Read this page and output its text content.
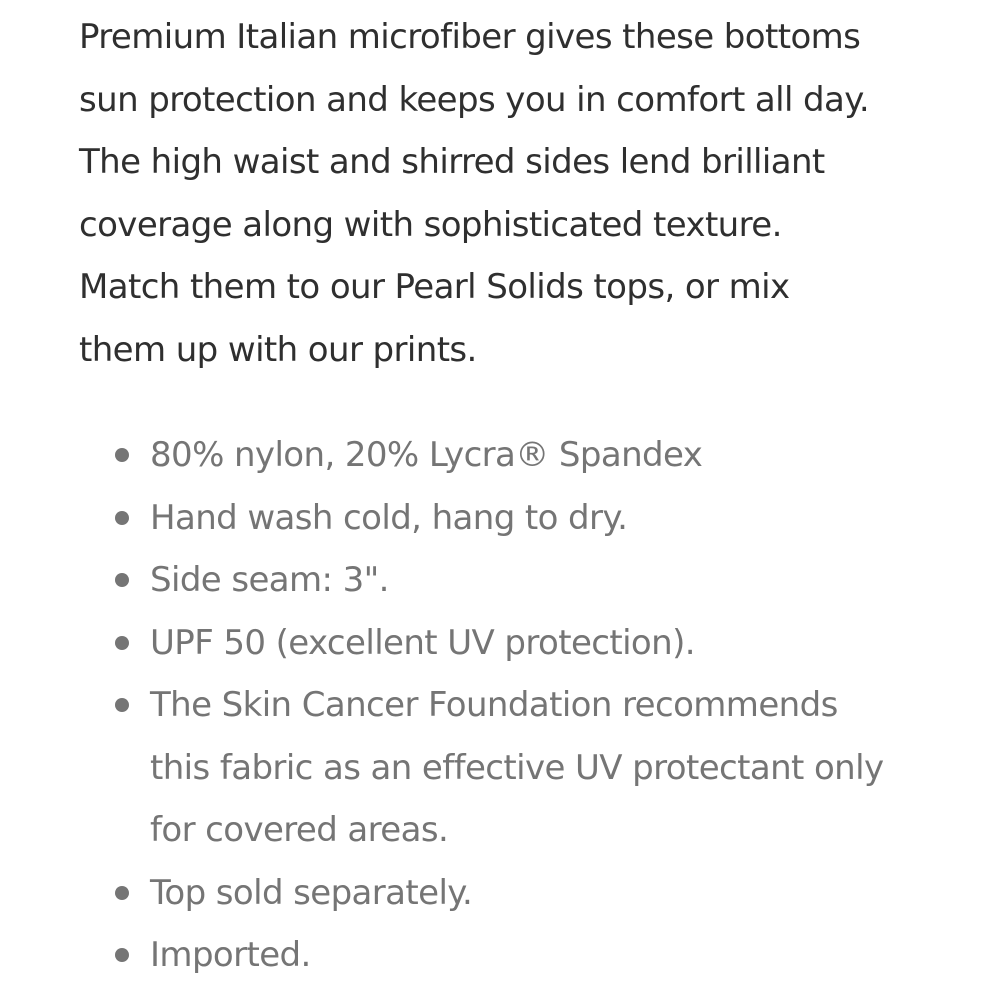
Premium Italian microfiber gives these bottoms
sun protection and keeps you in comfort all day.
The high waist and shirred sides lend brilliant
coverage along with sophisticated texture.
Match them to our Pearl Solids tops, or mix
them up with our prints.

80% nylon, 20% Lycra® Spandex
Hand wash cold, hang to dry.
Side seam: 3".
UPF 50 (excellent UV protection).
The Skin Cancer Foundation recommends
this fabric as an effective UV protectant only
for covered areas.
Top sold separately.
Imported.
